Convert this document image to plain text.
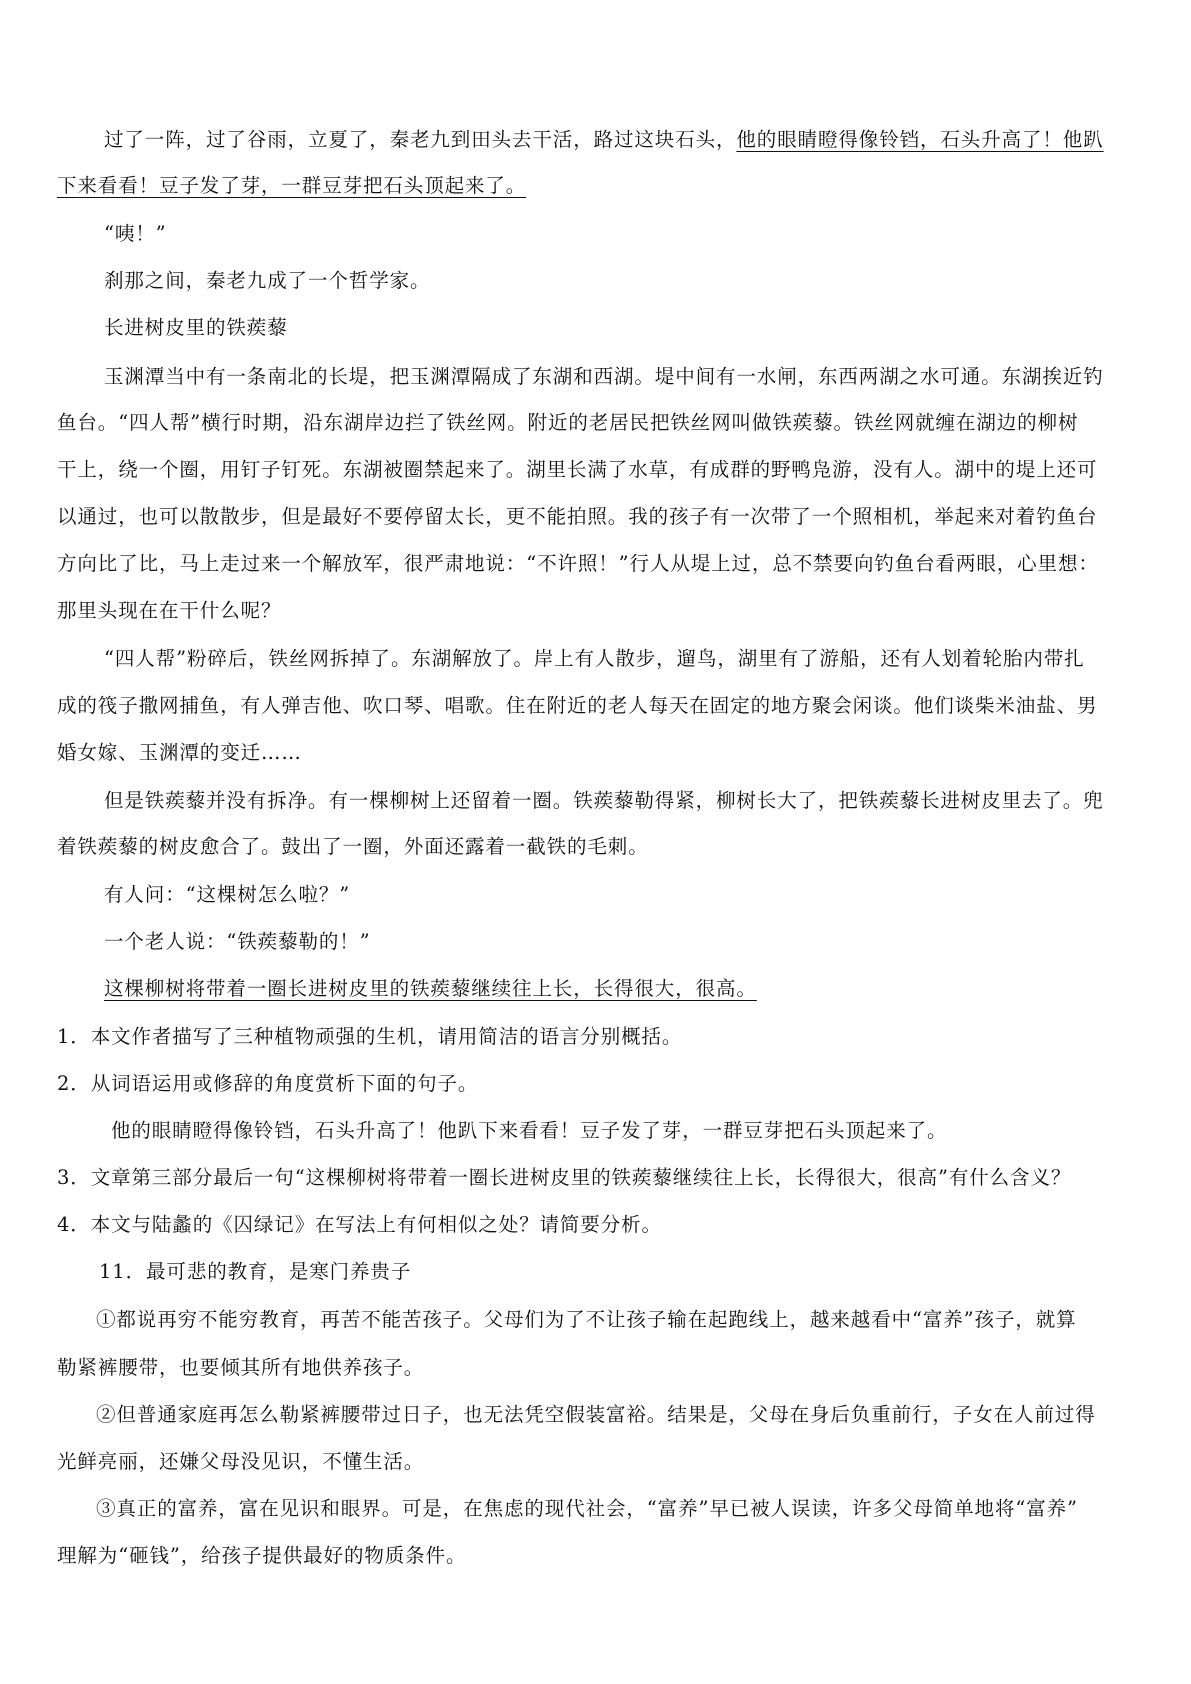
过了一阵，过了谷雨，立夏了，秦老九到田头去干活，路过这块石头，他的眼睛瞪得像铃铛，石头升高了！他趴
下来看看！豆子发了芽，一群豆芽把石头顶起来了。
“咦！”
刹那之间，秦老九成了一个哲学家。
长进树皮里的铁蒺藜
玉渊潭当中有一条南北的长堤，把玉渊潭隔成了东湖和西湖。堤中间有一水闸，东西两湖之水可通。东湖挨近钓
鱼台。“四人帮”横行时期，沿东湖岸边拦了铁丝网。附近的老居民把铁丝网叫做铁蒺藜。铁丝网就缠在湖边的柳树
干上，绕一个圈，用钉子钉死。东湖被圈禁起来了。湖里长满了水草，有成群的野鸭凫游，没有人。湖中的堤上还可
以通过，也可以散散步，但是最好不要停留太长，更不能拍照。我的孩子有一次带了一个照相机，举起来对着钓鱼台
方向比了比，马上走过来一个解放军，很严肃地说：“不许照！”行人从堤上过，总不禁要向钓鱼台看两眼，心里想：
那里头现在在干什么呢？
“四人帮”粉碎后，铁丝网拆掉了。东湖解放了。岸上有人散步，遛鸟，湖里有了游船，还有人划着轮胎内带扎
成的筏子撒网捕鱼，有人弹吉他、吹口琴、唱歌。住在附近的老人每天在固定的地方聚会闲谈。他们谈柴米油盐、男
婚女嫁、玉渊潭的变迁……
但是铁蒺藜并没有拆净。有一棵柳树上还留着一圈。铁蒺藜勒得紧，柳树长大了，把铁蒺藜长进树皮里去了。兜
着铁蒺藜的树皮愈合了。鼓出了一圈，外面还露着一截铁的毛刺。
有人问：“这棵树怎么啦？”
一个老人说：“铁蒺藜勒的！”
这棵柳树将带着一圈长进树皮里的铁蒺藜继续往上长，长得很大，很高。
1．本文作者描写了三种植物顽强的生机，请用简洁的语言分别概括。
2．从词语运用或修辞的角度赏析下面的句子。
他的眼睛瞪得像铃铛，石头升高了！他趴下来看看！豆子发了芽，一群豆芽把石头顶起来了。
3．文章第三部分最后一句“这棵柳树将带着一圈长进树皮里的铁蒺藜继续往上长，长得很大，很高”有什么含义？
4．本文与陆蠡的《囚绿记》在写法上有何相似之处？请简要分析。
11．最可悲的教育，是寒门养贵子
①都说再穷不能穷教育，再苦不能苦孩子。父母们为了不让孩子输在起跑线上，越来越看中“富养”孩子，就算
勒紧裤腰带，也要倾其所有地供养孩子。
②但普通家庭再怎么勒紧裤腰带过日子，也无法凭空假装富裕。结果是，父母在身后负重前行，子女在人前过得
光鲜亮丽，还嫌父母没见识，不懂生活。
③真正的富养，富在见识和眼界。可是，在焦虑的现代社会，“富养”早已被人误读，许多父母简单地将“富养”
理解为“砸钱”，给孩子提供最好的物质条件。
